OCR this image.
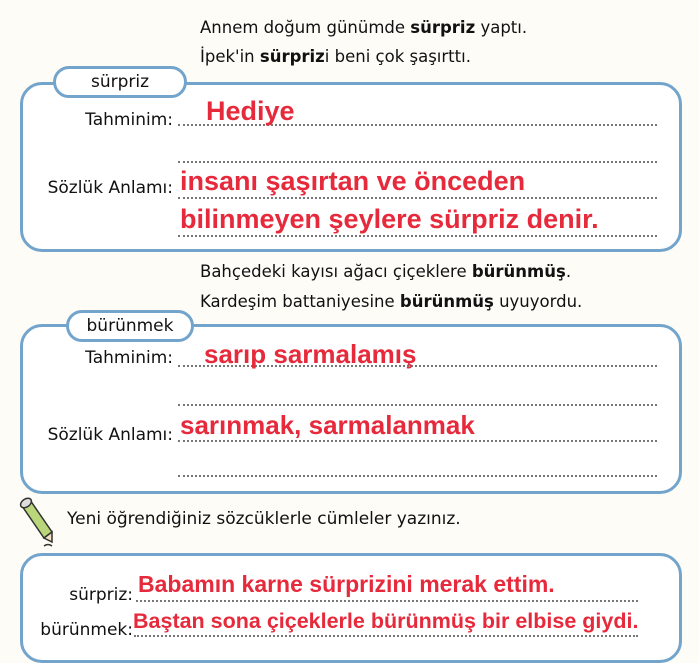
Annem doğum günümde sürpriz yaptı.
İpek'in sürprizi beni çok şaşırttı.
sürpriz
Tahminim:
Sözlük Anlamı:
Hediye
insanı şaşırtan ve önceden
bilinmeyen şeylere sürpriz denir.
Bahçedeki kayısı ağacı çiçeklere bürünmüş.
Kardeşim battaniyesine bürünmüş uyuyordu.
bürünmek
Tahminim:
Sözlük Anlamı:
sarıp sarmalamış
sarınmak, sarmalanmak
Yeni öğrendiğiniz sözcüklerle cümleler yazınız.
sürpriz: Babamın karne sürprizini merak ettim.
bürünmek: Baştan sona çiçeklerle bürünmüş bir elbise giydi.
